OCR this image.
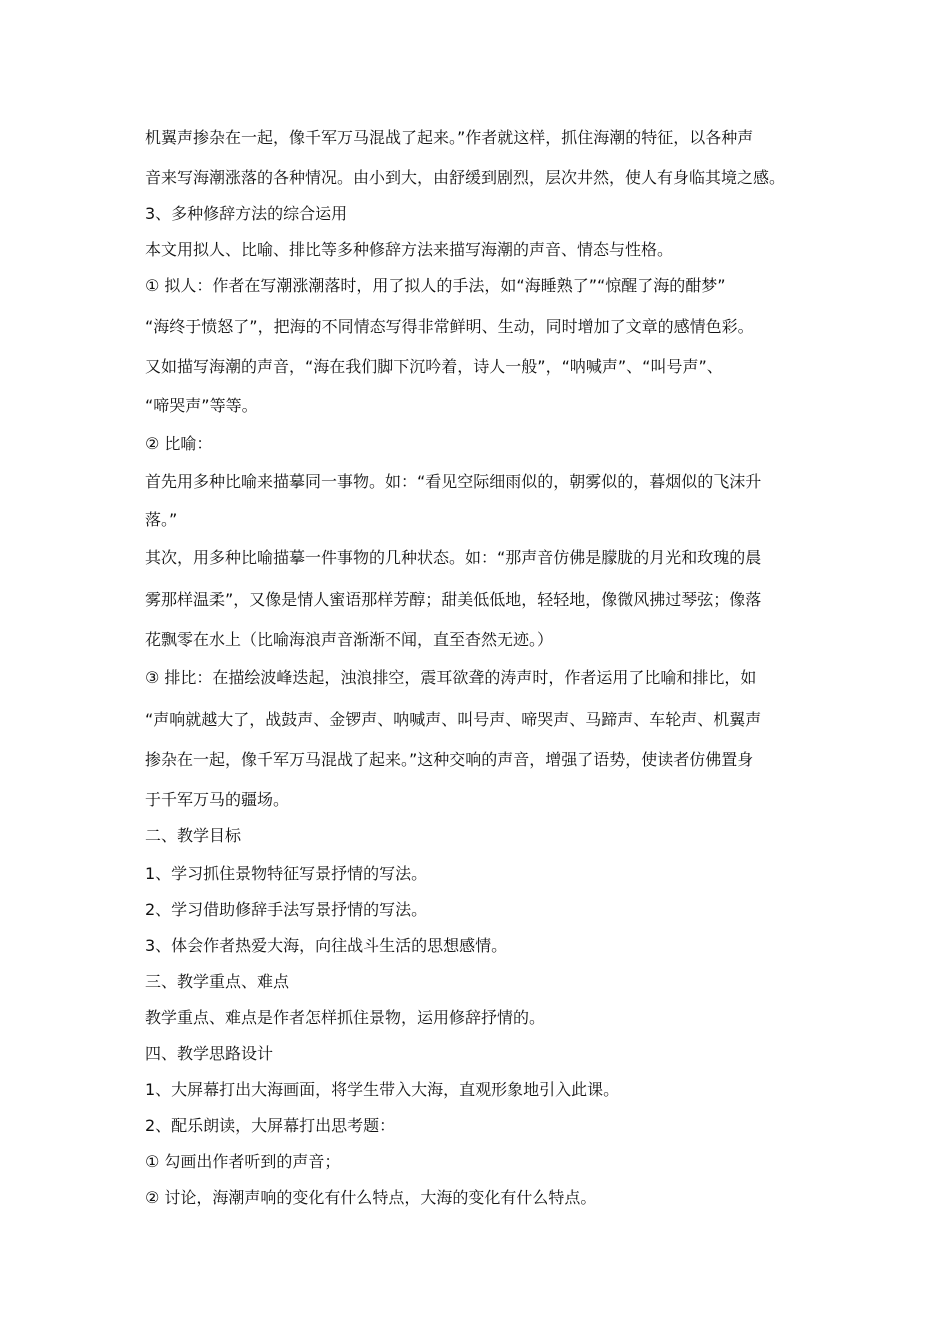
机翼声掺杂在一起，像千军万马混战了起来。”作者就这样，抓住海潮的特征，以各种声

音来写海潮涨落的各种情况。由小到大，由舒缓到剧烈，层次井然，使人有身临其境之感。

3、多种修辞方法的综合运用

本文用拟人、比喻、排比等多种修辞方法来描写海潮的声音、情态与性格。

① 拟人：作者在写潮涨潮落时，用了拟人的手法，如“海睡熟了”“惊醒了海的酣梦”

“海终于愤怒了”，把海的不同情态写得非常鲜明、生动，同时增加了文章的感情色彩。

又如描写海潮的声音，“海在我们脚下沉吟着，诗人一般”，“呐喊声”、“叫号声”、

“啼哭声”等等。

② 比喻：

首先用多种比喻来描摹同一事物。如：“看见空际细雨似的，朝雾似的，暮烟似的飞沫升

落。”

其次，用多种比喻描摹一件事物的几种状态。如：“那声音仿佛是朦胧的月光和玫瑰的晨

雾那样温柔”，又像是情人蜜语那样芳醇；甜美低低地，轻轻地，像微风拂过琴弦；像落

花飘零在水上（比喻海浪声音渐渐不闻，直至杳然无迹。）

③ 排比：在描绘波峰迭起，浊浪排空，震耳欲聋的涛声时，作者运用了比喻和排比，如

“声响就越大了，战鼓声、金锣声、呐喊声、叫号声、啼哭声、马蹄声、车轮声、机翼声

掺杂在一起，像千军万马混战了起来。”这种交响的声音，增强了语势，使读者仿佛置身

于千军万马的疆场。

二、教学目标

1、学习抓住景物特征写景抒情的写法。

2、学习借助修辞手法写景抒情的写法。

3、体会作者热爱大海，向往战斗生活的思想感情。

三、教学重点、难点

教学重点、难点是作者怎样抓住景物，运用修辞抒情的。

四、教学思路设计

1、大屏幕打出大海画面，将学生带入大海，直观形象地引入此课。

2、配乐朗读，大屏幕打出思考题：

① 勾画出作者听到的声音；

② 讨论，海潮声响的变化有什么特点，大海的变化有什么特点。
